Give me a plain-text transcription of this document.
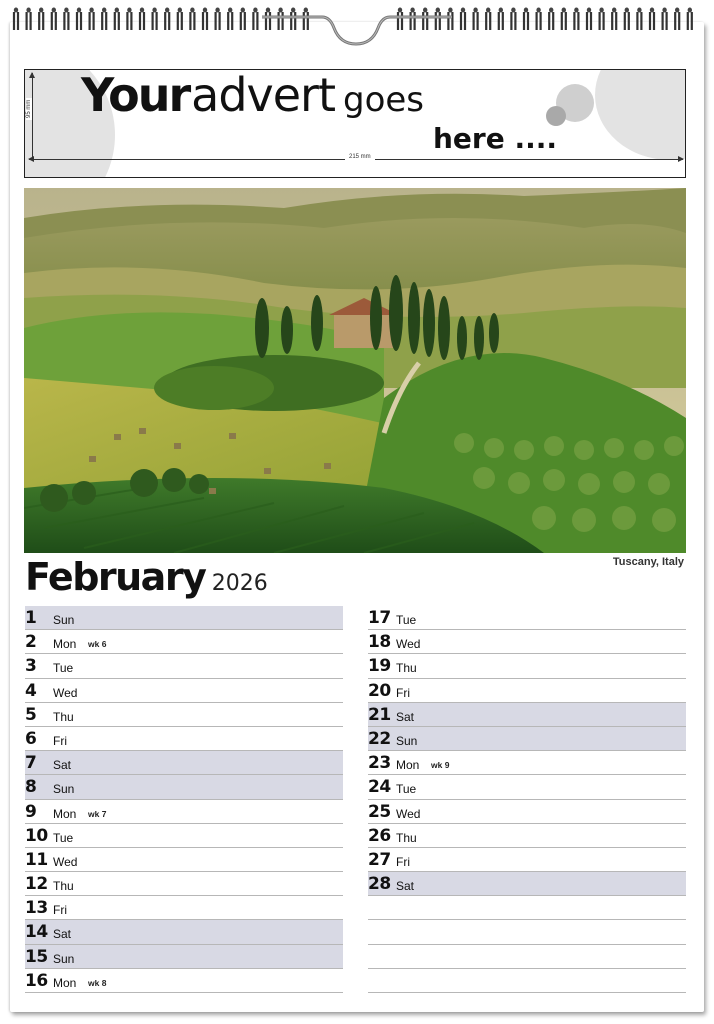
Youradvert goes
here ....
215 mm
95 mm
Tuscany, Italy
February 2026
1 Sun
2 Mon wk 6
3 Tue
4 Wed
5 Thu
6 Fri
7 Sat
8 Sun
9 Mon wk 7
10 Tue
11 Wed
12 Thu
13 Fri
14 Sat
15 Sun
16 Mon wk 8
17 Tue
18 Wed
19 Thu
20 Fri
21 Sat
22 Sun
23 Mon wk 9
24 Tue
25 Wed
26 Thu
27 Fri
28 Sat
